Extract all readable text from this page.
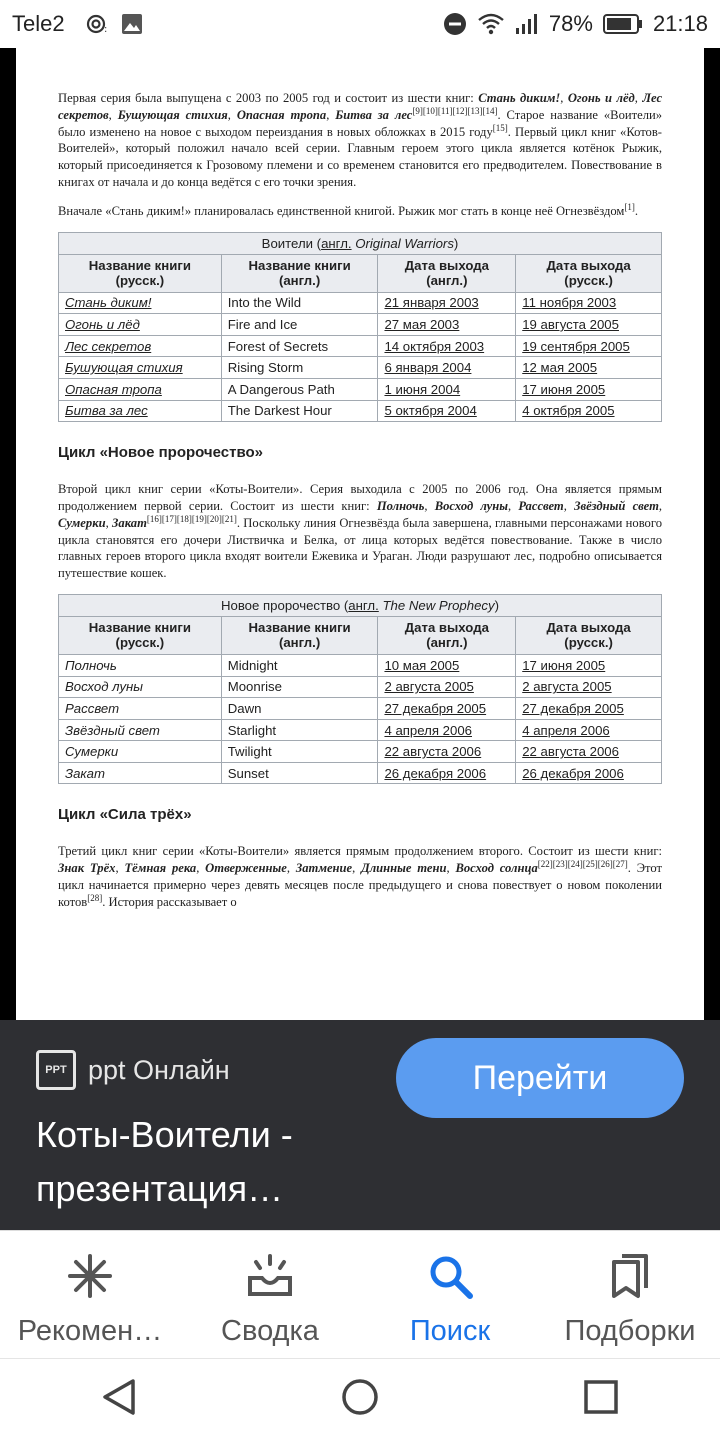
Tele2	:	78%	21:18

Первая серия была выпущена с 2003 по 2005 год и состоит из шести книг: Стань диким!, Огонь и лёд, Лес секретов, Бушующая стихия, Опасная тропа, Битва за лес[9][10][11][12][13][14]. Старое название «Воители» было изменено на новое с выходом переиздания в новых обложках в 2015 году[15]. Первый цикл книг «Котов-Воителей», который положил начало всей серии. Главным героем этого цикла является котёнок Рыжик, который присоединяется к Грозовому племени и со временем становится его предводителем. Повествование в книгах от начала и до конца ведётся с его точки зрения.

Вначале «Стань диким!» планировалась единственной книгой. Рыжик мог стать в конце неё Огнезвёздом[1].

Воители (англ. Original Warriors)			
Название книги (русск.)	Название книги (англ.)	Дата выхода (англ.)	Дата выхода (русск.)
Стань диким!	Into the Wild	21 января 2003	11 ноября 2003
Огонь и лёд	Fire and Ice	27 мая 2003	19 августа 2005
Лес секретов	Forest of Secrets	14 октября 2003	19 сентября 2005
Бушующая стихия	Rising Storm	6 января 2004	12 мая 2005
Опасная тропа	A Dangerous Path	1 июня 2004	17 июня 2005
Битва за лес	The Darkest Hour	5 октября 2004	4 октября 2005
Цикл «Новое пророчество»

Второй цикл книг серии «Коты-Воители». Серия выходила с 2005 по 2006 год. Она является прямым продолжением первой серии. Состоит из шести книг: Полночь, Восход луны, Рассвет, Звёздный свет, Сумерки, Закат[16][17][18][19][20][21]. Поскольку линия Огнезвёзда была завершена, главными персонажами нового цикла становятся его дочери Листвичка и Белка, от лица которых ведётся повествование. Также в число главных героев второго цикла входят воители Ежевика и Ураган. Люди разрушают лес, подробно описывается путешествие кошек.

Новое пророчество (англ. The New Prophecy)			
Название книги (русск.)	Название книги (англ.)	Дата выхода (англ.)	Дата выхода (русск.)
Полночь	Midnight	10 мая 2005	17 июня 2005
Восход луны	Moonrise	2 августа 2005	2 августа 2005
Рассвет	Dawn	27 декабря 2005	27 декабря 2005
Звёздный свет	Starlight	4 апреля 2006	4 апреля 2006
Сумерки	Twilight	22 августа 2006	22 августа 2006
Закат	Sunset	26 декабря 2006	26 декабря 2006
Цикл «Сила трёх»

Третий цикл книг серии «Коты-Воители» является прямым продолжением второго. Состоит из шести книг: Знак Трёх, Тёмная река, Отверженные, Затмение, Длинные тени, Восход солнца[22][23][24][25][26][27]. Этот цикл начинается примерно через девять месяцев после предыдущего и снова повествует о новом поколении котов[28]. История рассказывает о

PPT ppt Онлайн
Коты-Воители - презентация…
Перейти
Рекомен… Сводка	Поиск	Подборки
